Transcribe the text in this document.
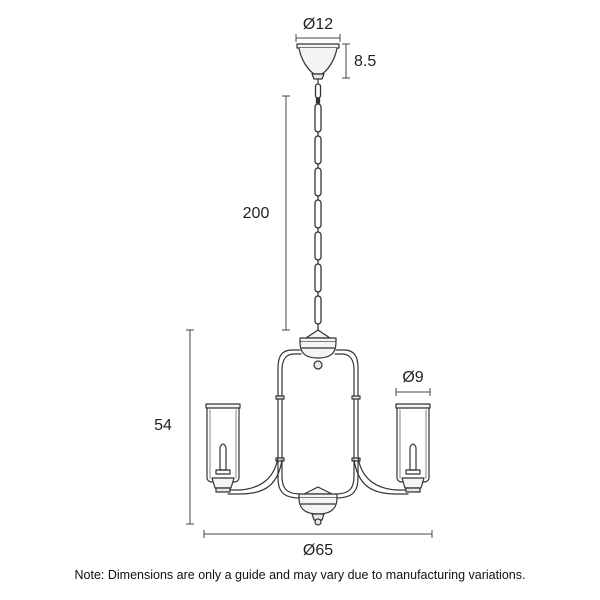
Ø12
8.5
200
54
Ø9
Ø65
Note: Dimensions are only a guide and may vary due to manufacturing variations.
